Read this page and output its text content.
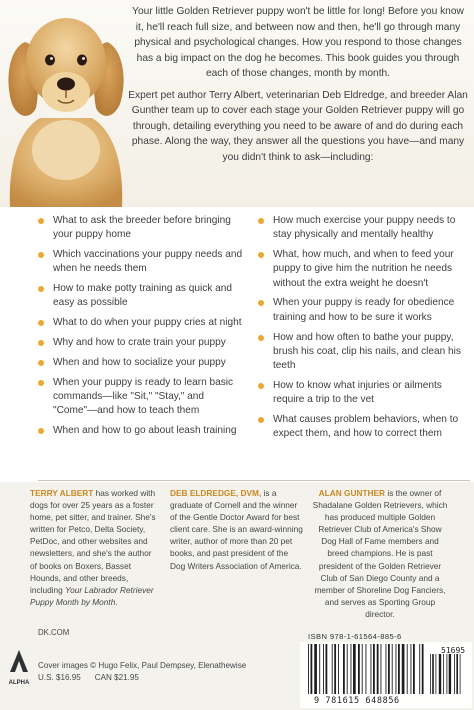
Your little Golden Retriever puppy won't be little for long! Before you know it, he'll reach full size, and between now and then, he'll go through many physical and psychological changes. How you respond to those changes has a big impact on the dog he becomes. This book guides you through each of those changes, month by month.

Expert pet author Terry Albert, veterinarian Deb Eldredge, and breeder Alan Gunther team up to cover each stage your Golden Retriever puppy will go through, detailing everything you need to be aware of and do during each phase. Along the way, they answer all the questions you have—and many you didn't think to ask—including:

What to ask the breeder before bringing your puppy home
Which vaccinations your puppy needs and when he needs them
How to make potty training as quick and easy as possible
What to do when your puppy cries at night
Why and how to crate train your puppy
When and how to socialize your puppy
When your puppy is ready to learn basic commands—like "Sit," "Stay," and "Come"—and how to teach them
When and how to go about leash training
How much exercise your puppy needs to stay physically and mentally healthy
What, how much, and when to feed your puppy to give him the nutrition he needs without the extra weight he doesn't
When your puppy is ready for obedience training and how to be sure it works
How and how often to bathe your puppy, brush his coat, clip his nails, and clean his teeth
How to know what injuries or ailments require a trip to the vet
What causes problem behaviors, when to expect them, and how to correct them
TERRY ALBERT has worked with dogs for over 25 years as a foster home, pet sitter, and trainer. She's written for Petco, Delta Society, PetDoc, and other websites and newsletters, and she's the author of books on Boxers, Basset Hounds, and other breeds, including Your Labrador Retriever Puppy Month by Month.
DEB ELDREDGE, DVM, is a graduate of Cornell and the winner of the Gentle Doctor Award for best client care. She is an award-winning writer, author of more than 20 pet books, and past president of the Dog Writers Association of America.
ALAN GUNTHER is the owner of Shadalane Golden Retrievers, which has produced multiple Golden Retriever Club of America's Show Dog Hall of Fame members and breed champions. He is past president of the Golden Retriever Club of San Diego County and a member of Shoreline Dog Fanciers, and serves as Sporting Group director.
DK.COM
ALPHA
Cover images © Hugo Felix, Paul Dempsey, Elenathewise
U.S. $16.95 CAN $21.95
ISBN 978-1-61564-885-6
9 781615 648856
51695
